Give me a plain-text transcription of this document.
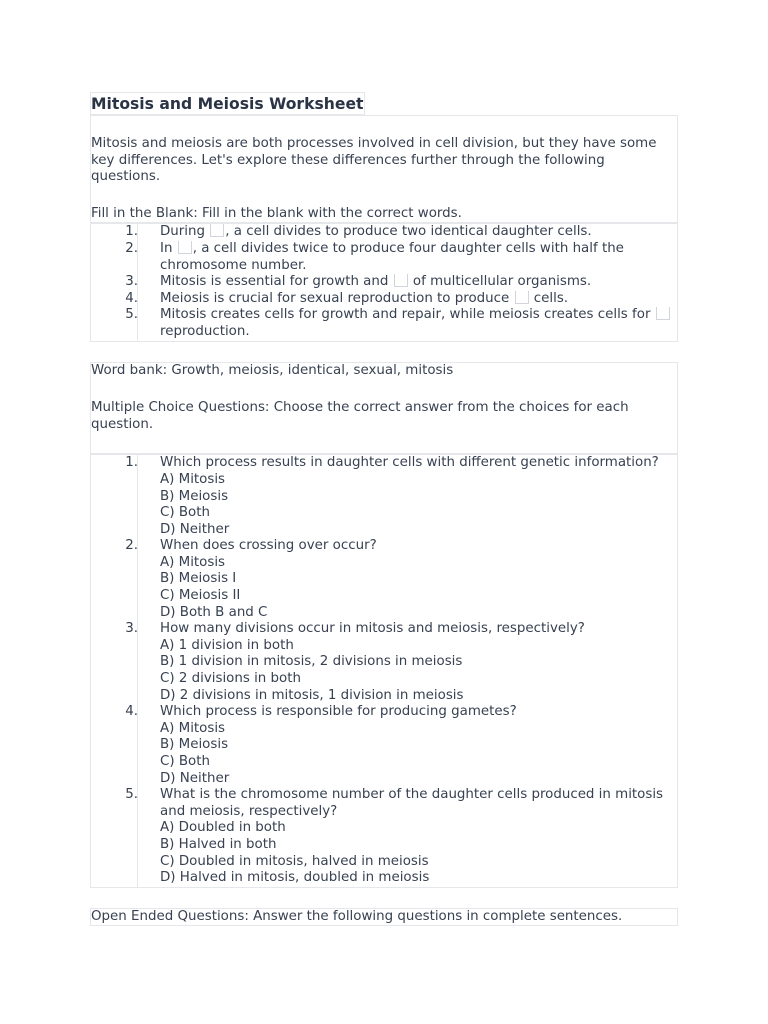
Mitosis and Meiosis Worksheet

Mitosis and meiosis are both processes involved in cell division, but they have some key differences. Let's explore these differences further through the following questions.

Fill in the Blank: Fill in the blank with the correct words.

1.	During , a cell divides to produce two identical daughter cells.
2.	In , a cell divides twice to produce four daughter cells with half the chromosome number.
3.	Mitosis is essential for growth and of multicellular organisms.
4.	Meiosis is crucial for sexual reproduction to produce cells.
5.	Mitosis creates cells for growth and repair, while meiosis creates cells for  reproduction.

Word bank: Growth, meiosis, identical, sexual, mitosis

Multiple Choice Questions: Choose the correct answer from the choices for each question.

1. Which process results in daughter cells with different genetic information?
A) Mitosis
B) Meiosis
C) Both
D) Neither
2. When does crossing over occur?
A) Mitosis
B) Meiosis I
C) Meiosis II
D) Both B and C
3. How many divisions occur in mitosis and meiosis, respectively?
A) 1 division in both
B) 1 division in mitosis, 2 divisions in meiosis
C) 2 divisions in both
D) 2 divisions in mitosis, 1 division in meiosis
4. Which process is responsible for producing gametes?
A) Mitosis
B) Meiosis
C) Both
D) Neither
5. What is the chromosome number of the daughter cells produced in mitosis and meiosis, respectively?
A) Doubled in both
B) Halved in both
C) Doubled in mitosis, halved in meiosis
D) Halved in mitosis, doubled in meiosis

Open Ended Questions: Answer the following questions in complete sentences.
